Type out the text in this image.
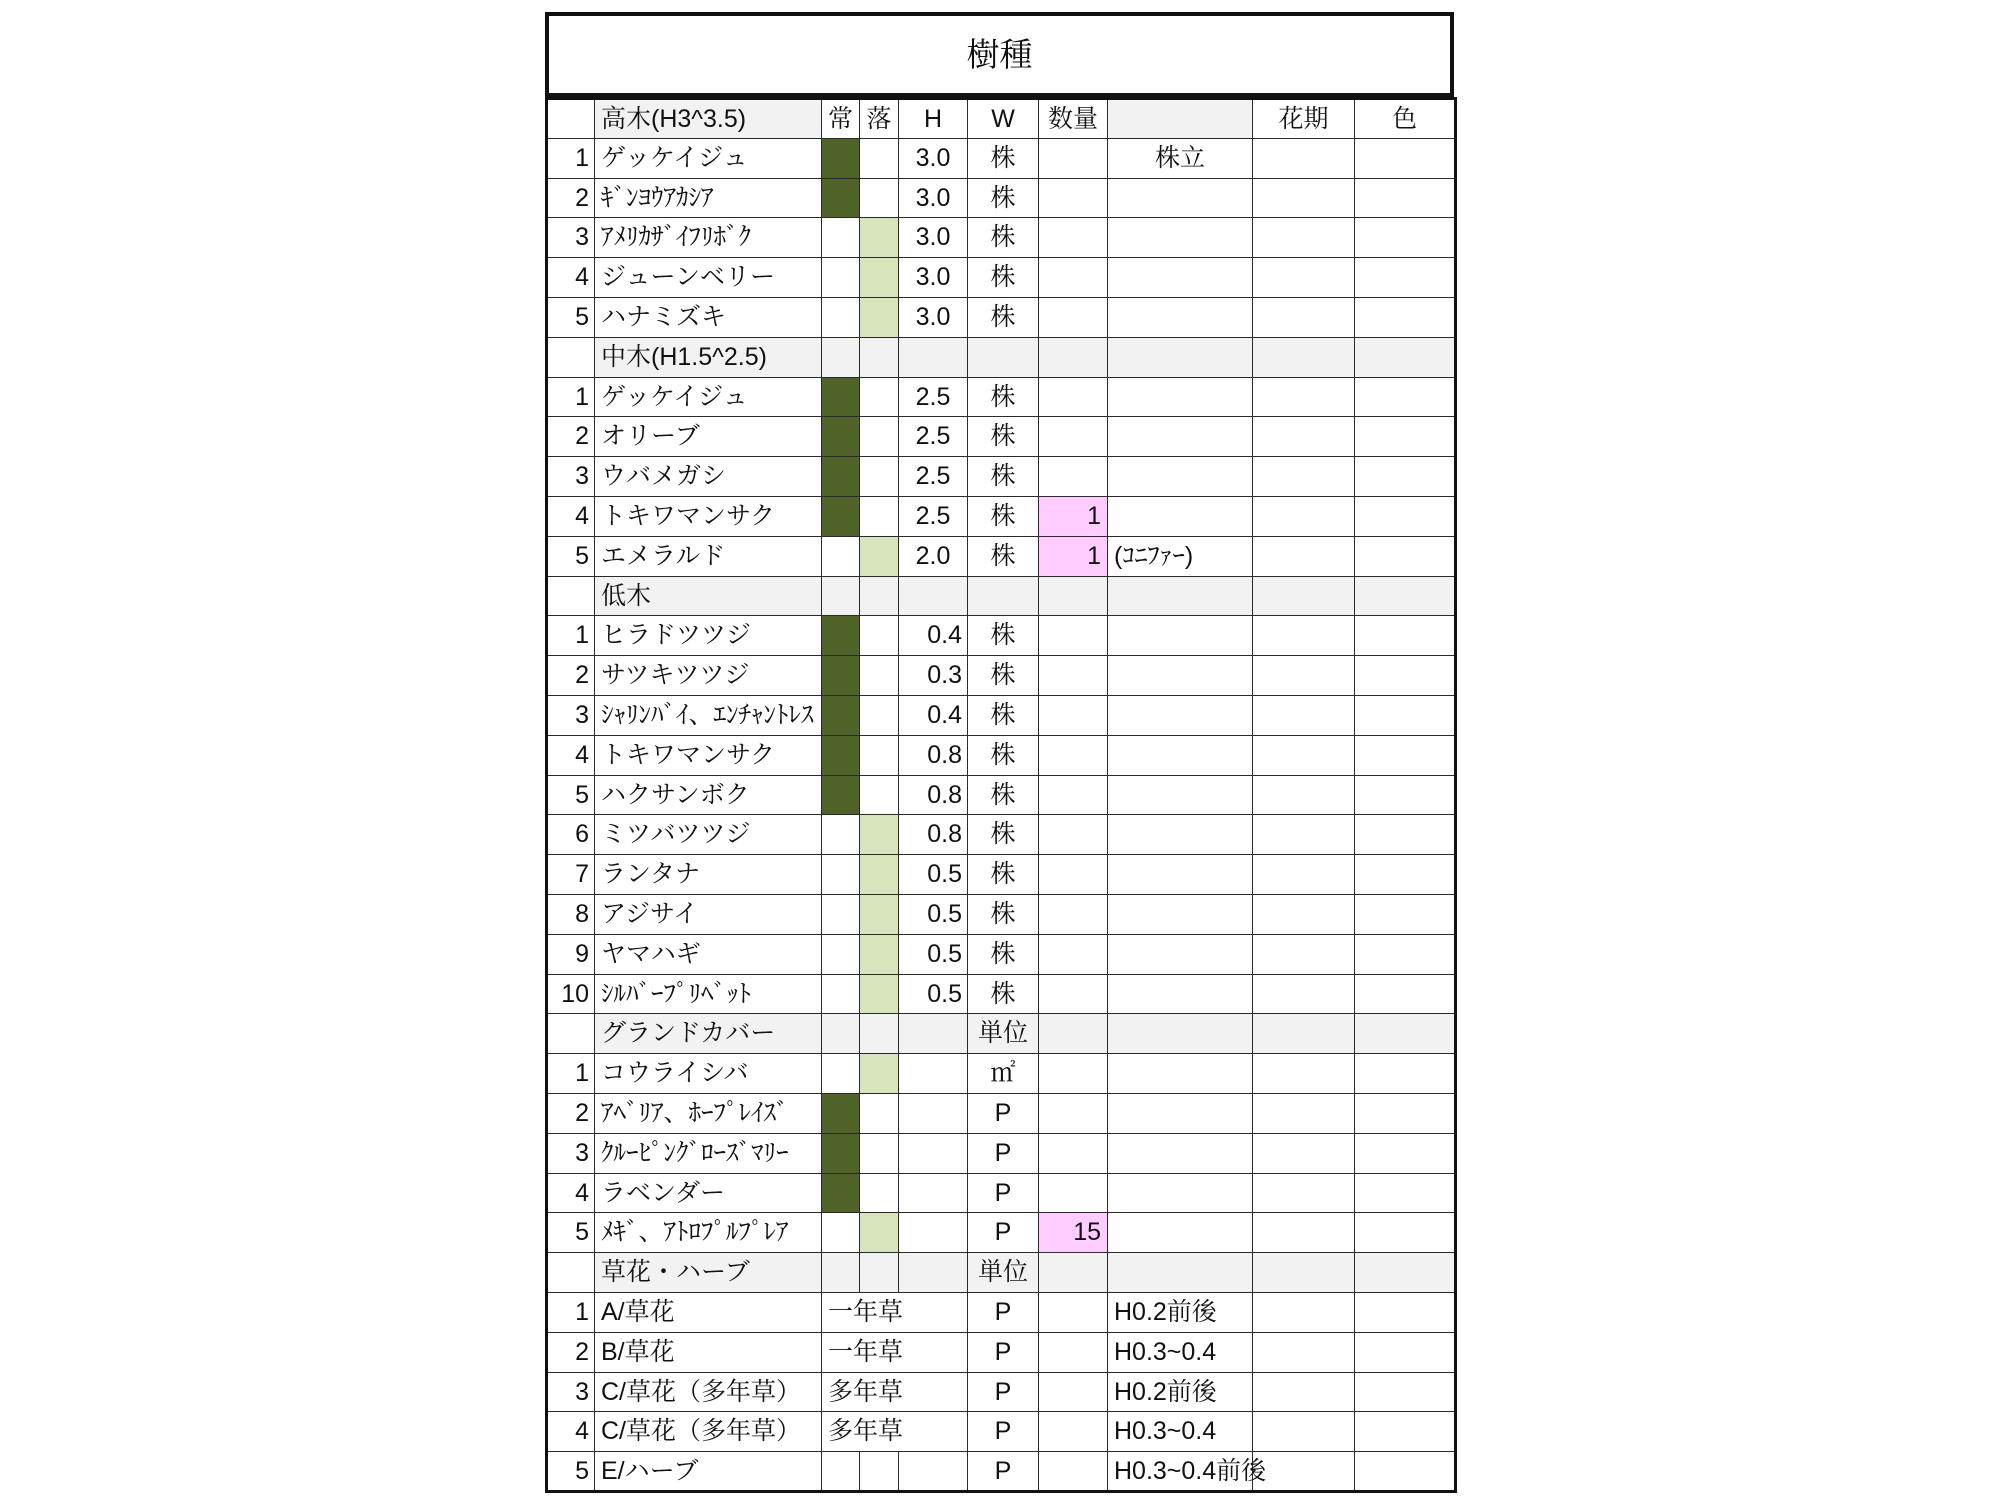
樹種
	高木(H3^3.5)	常	落	H	W	数量		花期	色
1	ゲッケイジュ			3.0	株		株立		
2	ｷﾞﾝﾖｳｱｶｼｱ			3.0	株				
3	ｱﾒﾘｶｻﾞｲﾌﾘﾎﾞｸ			3.0	株				
4	ジューンベリー			3.0	株				
5	ハナミズキ			3.0	株				
	中木(H1.5^2.5)								
1	ゲッケイジュ			2.5	株				
2	オリーブ			2.5	株				
3	ウバメガシ			2.5	株				
4	トキワマンサク			2.5	株	1			
5	エメラルド			2.0	株	1	(ｺﾆﾌｧｰ)		
	低木								
1	ヒラドツツジ			0.4	株				
2	サツキツツジ			0.3	株				
3	ｼｬﾘﾝﾊﾞｲ、ｴﾝﾁｬﾝﾄﾚｽ			0.4	株				
4	トキワマンサク			0.8	株				
5	ハクサンボク			0.8	株				
6	ミツバツツジ			0.8	株				
7	ランタナ			0.5	株				
8	アジサイ			0.5	株				
9	ヤマハギ			0.5	株				
10	ｼﾙﾊﾞｰﾌﾟﾘﾍﾞｯﾄ			0.5	株				
	グランドカバー				単位				
1	コウライシバ				㎡				
2	ｱﾍﾞﾘｱ、ﾎｰﾌﾟﾚｲｽﾞ				P				
3	ｸﾙｰﾋﾟﾝｸﾞﾛｰｽﾞﾏﾘｰ				P				
4	ラベンダー				P				
5	ﾒｷﾞ、ｱﾄﾛﾌﾟﾙﾌﾟﾚｱ				P	15			
	草花・ハーブ				単位				
1	A/草花	一年草			P		H0.2前後		
2	B/草花	一年草			P		H0.3~0.4		
3	C/草花（多年草）	多年草			P		H0.2前後		
4	C/草花（多年草）	多年草			P		H0.3~0.4		
5	E/ハーブ				P		H0.3~0.4前後		
